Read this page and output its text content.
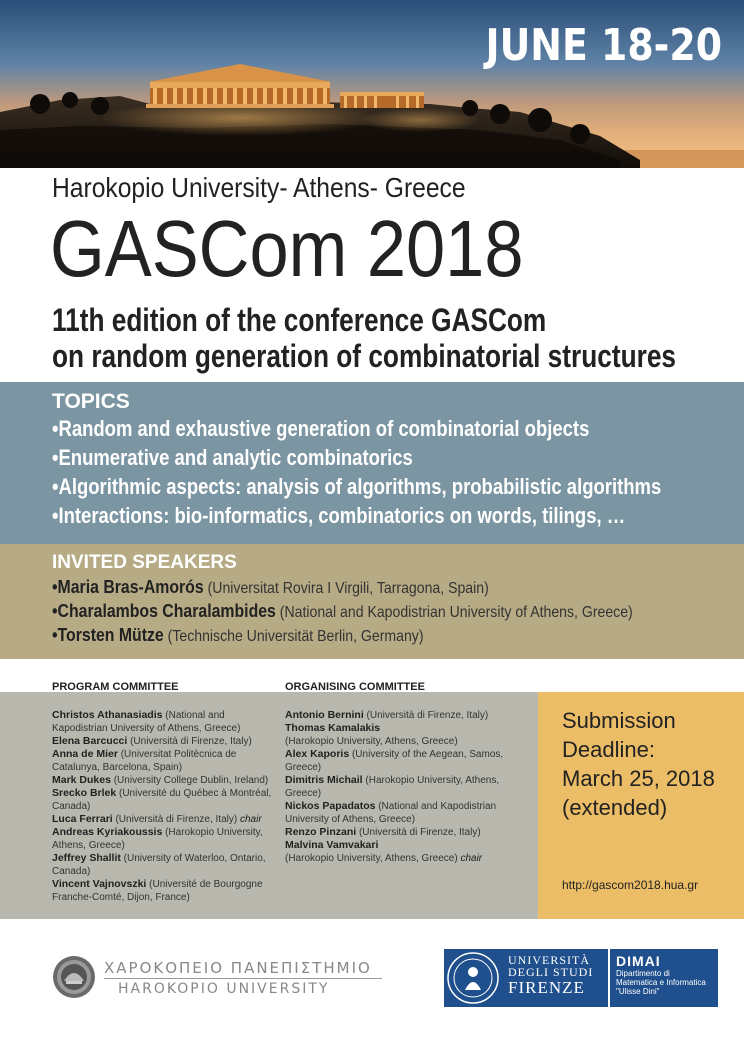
JUNE 18-20
Harokopio University- Athens- Greece
GASCom 2018
11th edition of the conference GASCom
on random generation of combinatorial structures
TOPICS
•Random and exhaustive generation of combinatorial objects
•Enumerative and analytic combinatorics
•Algorithmic aspects: analysis of algorithms, probabilistic algorithms
•Interactions: bio-informatics, combinatorics on words, tilings, …
INVITED SPEAKERS
•Maria Bras-Amorós (Universitat Rovira I Virgili, Tarragona, Spain)
•Charalambos Charalambides (National and Kapodistrian University of Athens, Greece)
•Torsten Mütze (Technische Universität Berlin, Germany)
Submission
Deadline:
March 25, 2018
(extended)
http://gascom2018.hua.gr
PROGRAM COMMITTEE	ORGANISING COMMITTEE
Christos Athanasiadis (National and Kapodistrian University of Athens, Greece)
Elena Barcucci (Università di Firenze, Italy)
Anna de Mier (Universitat Politècnica de Catalunya, Barcelona, Spain)
Mark Dukes (University College Dublin, Ireland)
Srecko Brlek (Université du Québec à Montréal, Canada)
Luca Ferrari (Università di Firenze, Italy) chair
Andreas Kyriakoussis (Harokopio University, Athens, Greece)
Jeffrey Shallit (University of Waterloo, Ontario, Canada)
Vincent Vajnovszki (Université de Bourgogne Franche-Comté, Dijon, France)
Antonio Bernini (Università di Firenze, Italy)
Thomas Kamalakis
(Harokopio University, Athens, Greece)
Alex Kaporis (University of the Aegean, Samos, Greece)
Dimitris Michail (Harokopio University, Athens, Greece)
Nickos Papadatos (National and Kapodistrian University of Athens, Greece)
Renzo Pinzani (Università di Firenze, Italy)
Malvina Vamvakari
(Harokopio University, Athens, Greece) chair
ΧΑΡΟΚΟΠΕΙΟ ΠΑΝΕΠΙΣΤΗΜΙΟ
HAROKOPIO UNIVERSITY
UNIVERSITÀ
DEGLI STUDI
FIRENZE
DIMAI
Dipartimento di
Matematica e Informatica
"Ulisse Dini"
